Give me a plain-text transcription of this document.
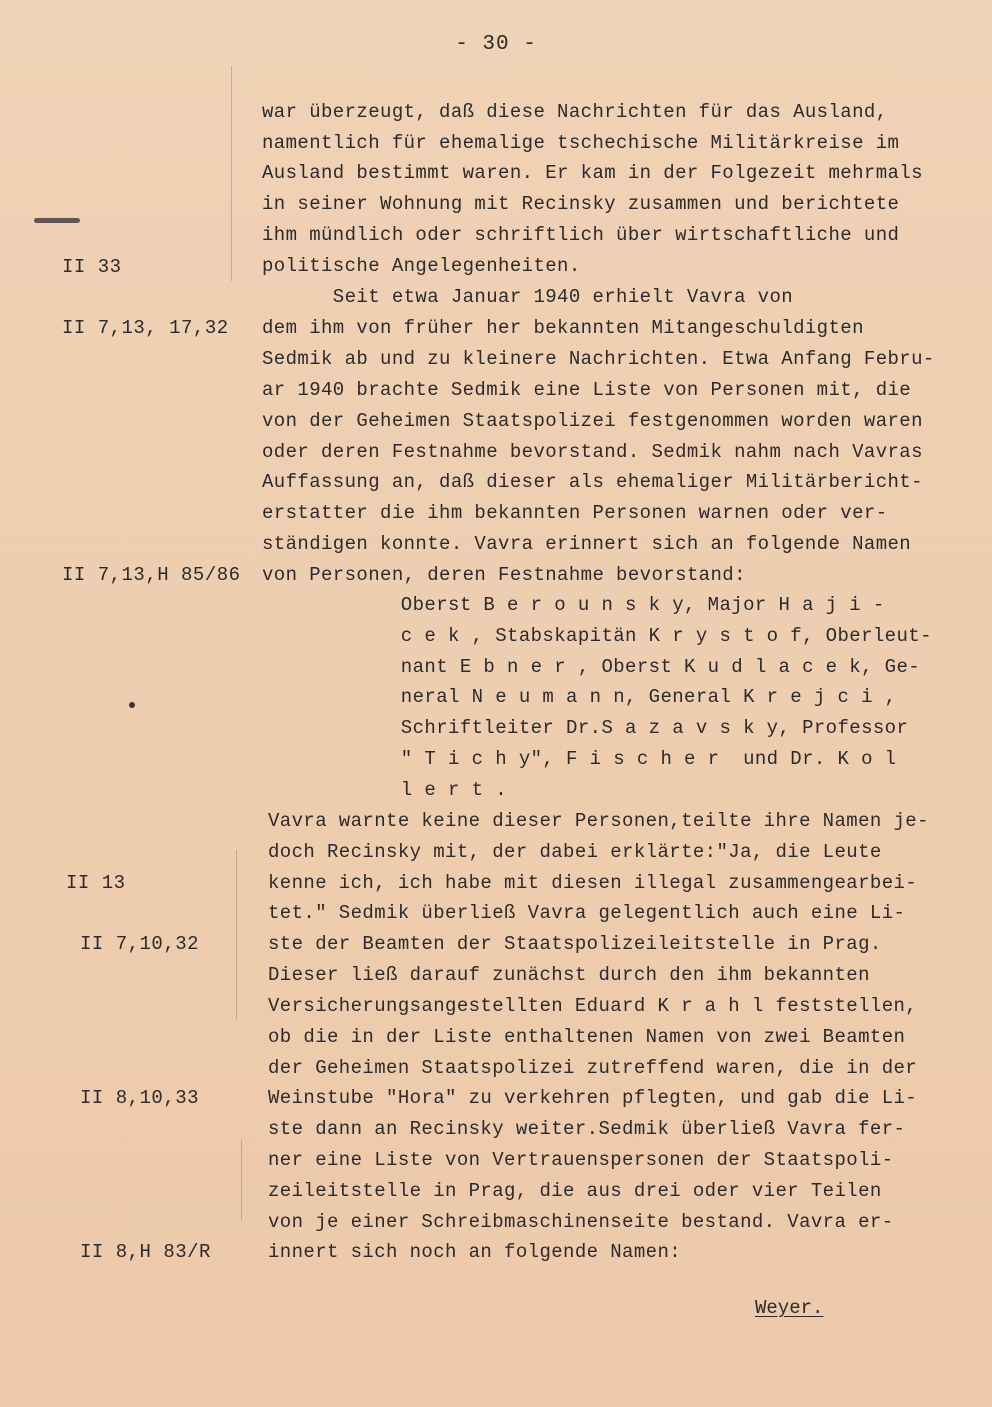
- 30 -
II 33
II 7,13, 17,32
II 7,13,H 85/86
II 13
II 7,10,32
II 8,10,33
II 8,H 83/R

war überzeugt, daß diese Nachrichten für das Ausland,

namentlich für ehemalige tschechische Militärkreise im

Ausland bestimmt waren. Er kam in der Folgezeit mehrmals

in seiner Wohnung mit Recinsky zusammen und berichtete

ihm mündlich oder schriftlich über wirtschaftliche und

politische Angelegenheiten.

Seit etwa Januar 1940 erhielt Vavra von

dem ihm von früher her bekannten Mitangeschuldigten

Sedmik ab und zu kleinere Nachrichten. Etwa Anfang Febru-

ar 1940 brachte Sedmik eine Liste von Personen mit, die

von der Geheimen Staatspolizei festgenommen worden waren

oder deren Festnahme bevorstand. Sedmik nahm nach Vavras

Auffassung an, daß dieser als ehemaliger Militärbericht-

erstatter die ihm bekannten Personen warnen oder ver-

ständigen konnte. Vavra erinnert sich an folgende Namen

von Personen, deren Festnahme bevorstand:

Oberst B e r o u n s k y, Major H a j i -

c e k , Stabskapitän K r y s t o f, Oberleut-

nant E b n e r , Oberst K u d l a c e k, Ge-

neral N e u m a n n, General K r e j c i ,

Schriftleiter Dr.S a z a v s k y, Professor

" T i c h y", F i s c h e r  und Dr. K o l

l e r t .

Vavra warnte keine dieser Personen,teilte ihre Namen je-

doch Recinsky mit, der dabei erklärte:"Ja, die Leute

kenne ich, ich habe mit diesen illegal zusammengearbei-

tet." Sedmik überließ Vavra gelegentlich auch eine Li-

ste der Beamten der Staatspolizeileitstelle in Prag.

Dieser ließ darauf zunächst durch den ihm bekannten

Versicherungsangestellten Eduard K r a h l feststellen,

ob die in der Liste enthaltenen Namen von zwei Beamten

der Geheimen Staatspolizei zutreffend waren, die in der

Weinstube "Hora" zu verkehren pflegten, und gab die Li-

ste dann an Recinsky weiter.Sedmik überließ Vavra fer-

ner eine Liste von Vertrauenspersonen der Staatspoli-

zeileitstelle in Prag, die aus drei oder vier Teilen

von je einer Schreibmaschinenseite bestand. Vavra er-

innert sich noch an folgende Namen:

Weyer.
